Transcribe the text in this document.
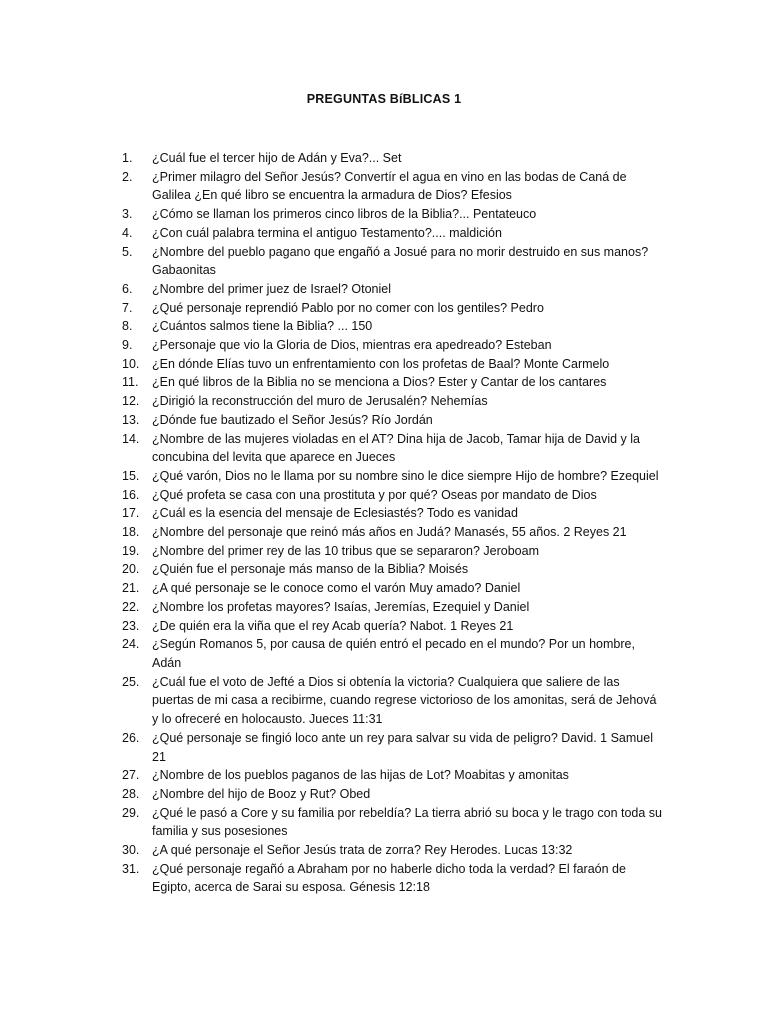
PREGUNTAS BíBLICAS 1
1.	¿Cuál fue el tercer hijo de Adán y Eva?... Set
2.	¿Primer milagro del Señor Jesús? Convertír el agua en vino en las bodas de Caná de Galilea ¿En qué libro se encuentra la armadura de Dios? Efesios
3.	¿Cómo se llaman los primeros cinco libros de la Biblia?... Pentateuco
4.	¿Con cuál palabra termina el antiguo Testamento?.... maldición
5.	¿Nombre del pueblo pagano que engañó a Josué para no morir destruido en sus manos? Gabaonitas
6.	¿Nombre del primer juez de Israel? Otoniel
7.	¿Qué personaje reprendió Pablo por no comer con los gentiles? Pedro
8.	¿Cuántos salmos tiene la Biblia? ... 150
9.	¿Personaje que vio la Gloria de Dios, mientras era apedreado? Esteban
10.	¿En dónde Elías tuvo un enfrentamiento con los profetas de Baal? Monte Carmelo
11.	¿En qué libros de la Biblia no se menciona a Dios? Ester y Cantar de los cantares
12.	¿Dirigió la reconstrucción del muro de Jerusalén? Nehemías
13.	¿Dónde fue bautizado el Señor Jesús? Río Jordán
14.	¿Nombre de las mujeres violadas en el AT? Dina hija de Jacob, Tamar hija de David y la concubina del levita que aparece en Jueces
15.	¿Qué varón, Dios no le llama por su nombre sino le dice siempre Hijo de hombre? Ezequiel
16.	¿Qué profeta se casa con una prostituta y por qué? Oseas por mandato de Dios
17.	¿Cuál es la esencia del mensaje de Eclesiastés? Todo es vanidad
18.	¿Nombre del personaje que reinó más años en Judá? Manasés, 55 años. 2 Reyes 21
19.	¿Nombre del primer rey de las 10 tribus que se separaron? Jeroboam
20.	¿Quién fue el personaje más manso de la Biblia? Moisés
21.	¿A qué personaje se le conoce como el varón Muy amado? Daniel
22.	¿Nombre los profetas mayores? Isaías, Jeremías, Ezequiel y Daniel
23.	¿De quién era la viña que el rey Acab quería? Nabot. 1 Reyes 21
24.	¿Según Romanos 5, por causa de quién entró el pecado en el mundo? Por un hombre, Adán
25.	¿Cuál fue el voto de Jefté a Dios si obtenía la victoria? Cualquiera que saliere de las puertas de mi casa a recibirme, cuando regrese victorioso de los amonitas, será de Jehová y lo ofreceré en holocausto. Jueces 11:31
26.	¿Qué personaje se fingió loco ante un rey para salvar su vida de peligro? David. 1 Samuel 21
27.	¿Nombre de los pueblos paganos de las hijas de Lot? Moabitas y amonitas
28.	¿Nombre del hijo de Booz y Rut? Obed
29.	¿Qué le pasó a Core y su familia por rebeldía? La tierra abrió su boca y le trago con toda su familia y sus posesiones
30.	¿A qué personaje el Señor Jesús trata de zorra? Rey Herodes. Lucas 13:32
31.	¿Qué personaje regañó a Abraham por no haberle dicho toda la verdad? El faraón de Egipto, acerca de Sarai su esposa. Génesis 12:18
